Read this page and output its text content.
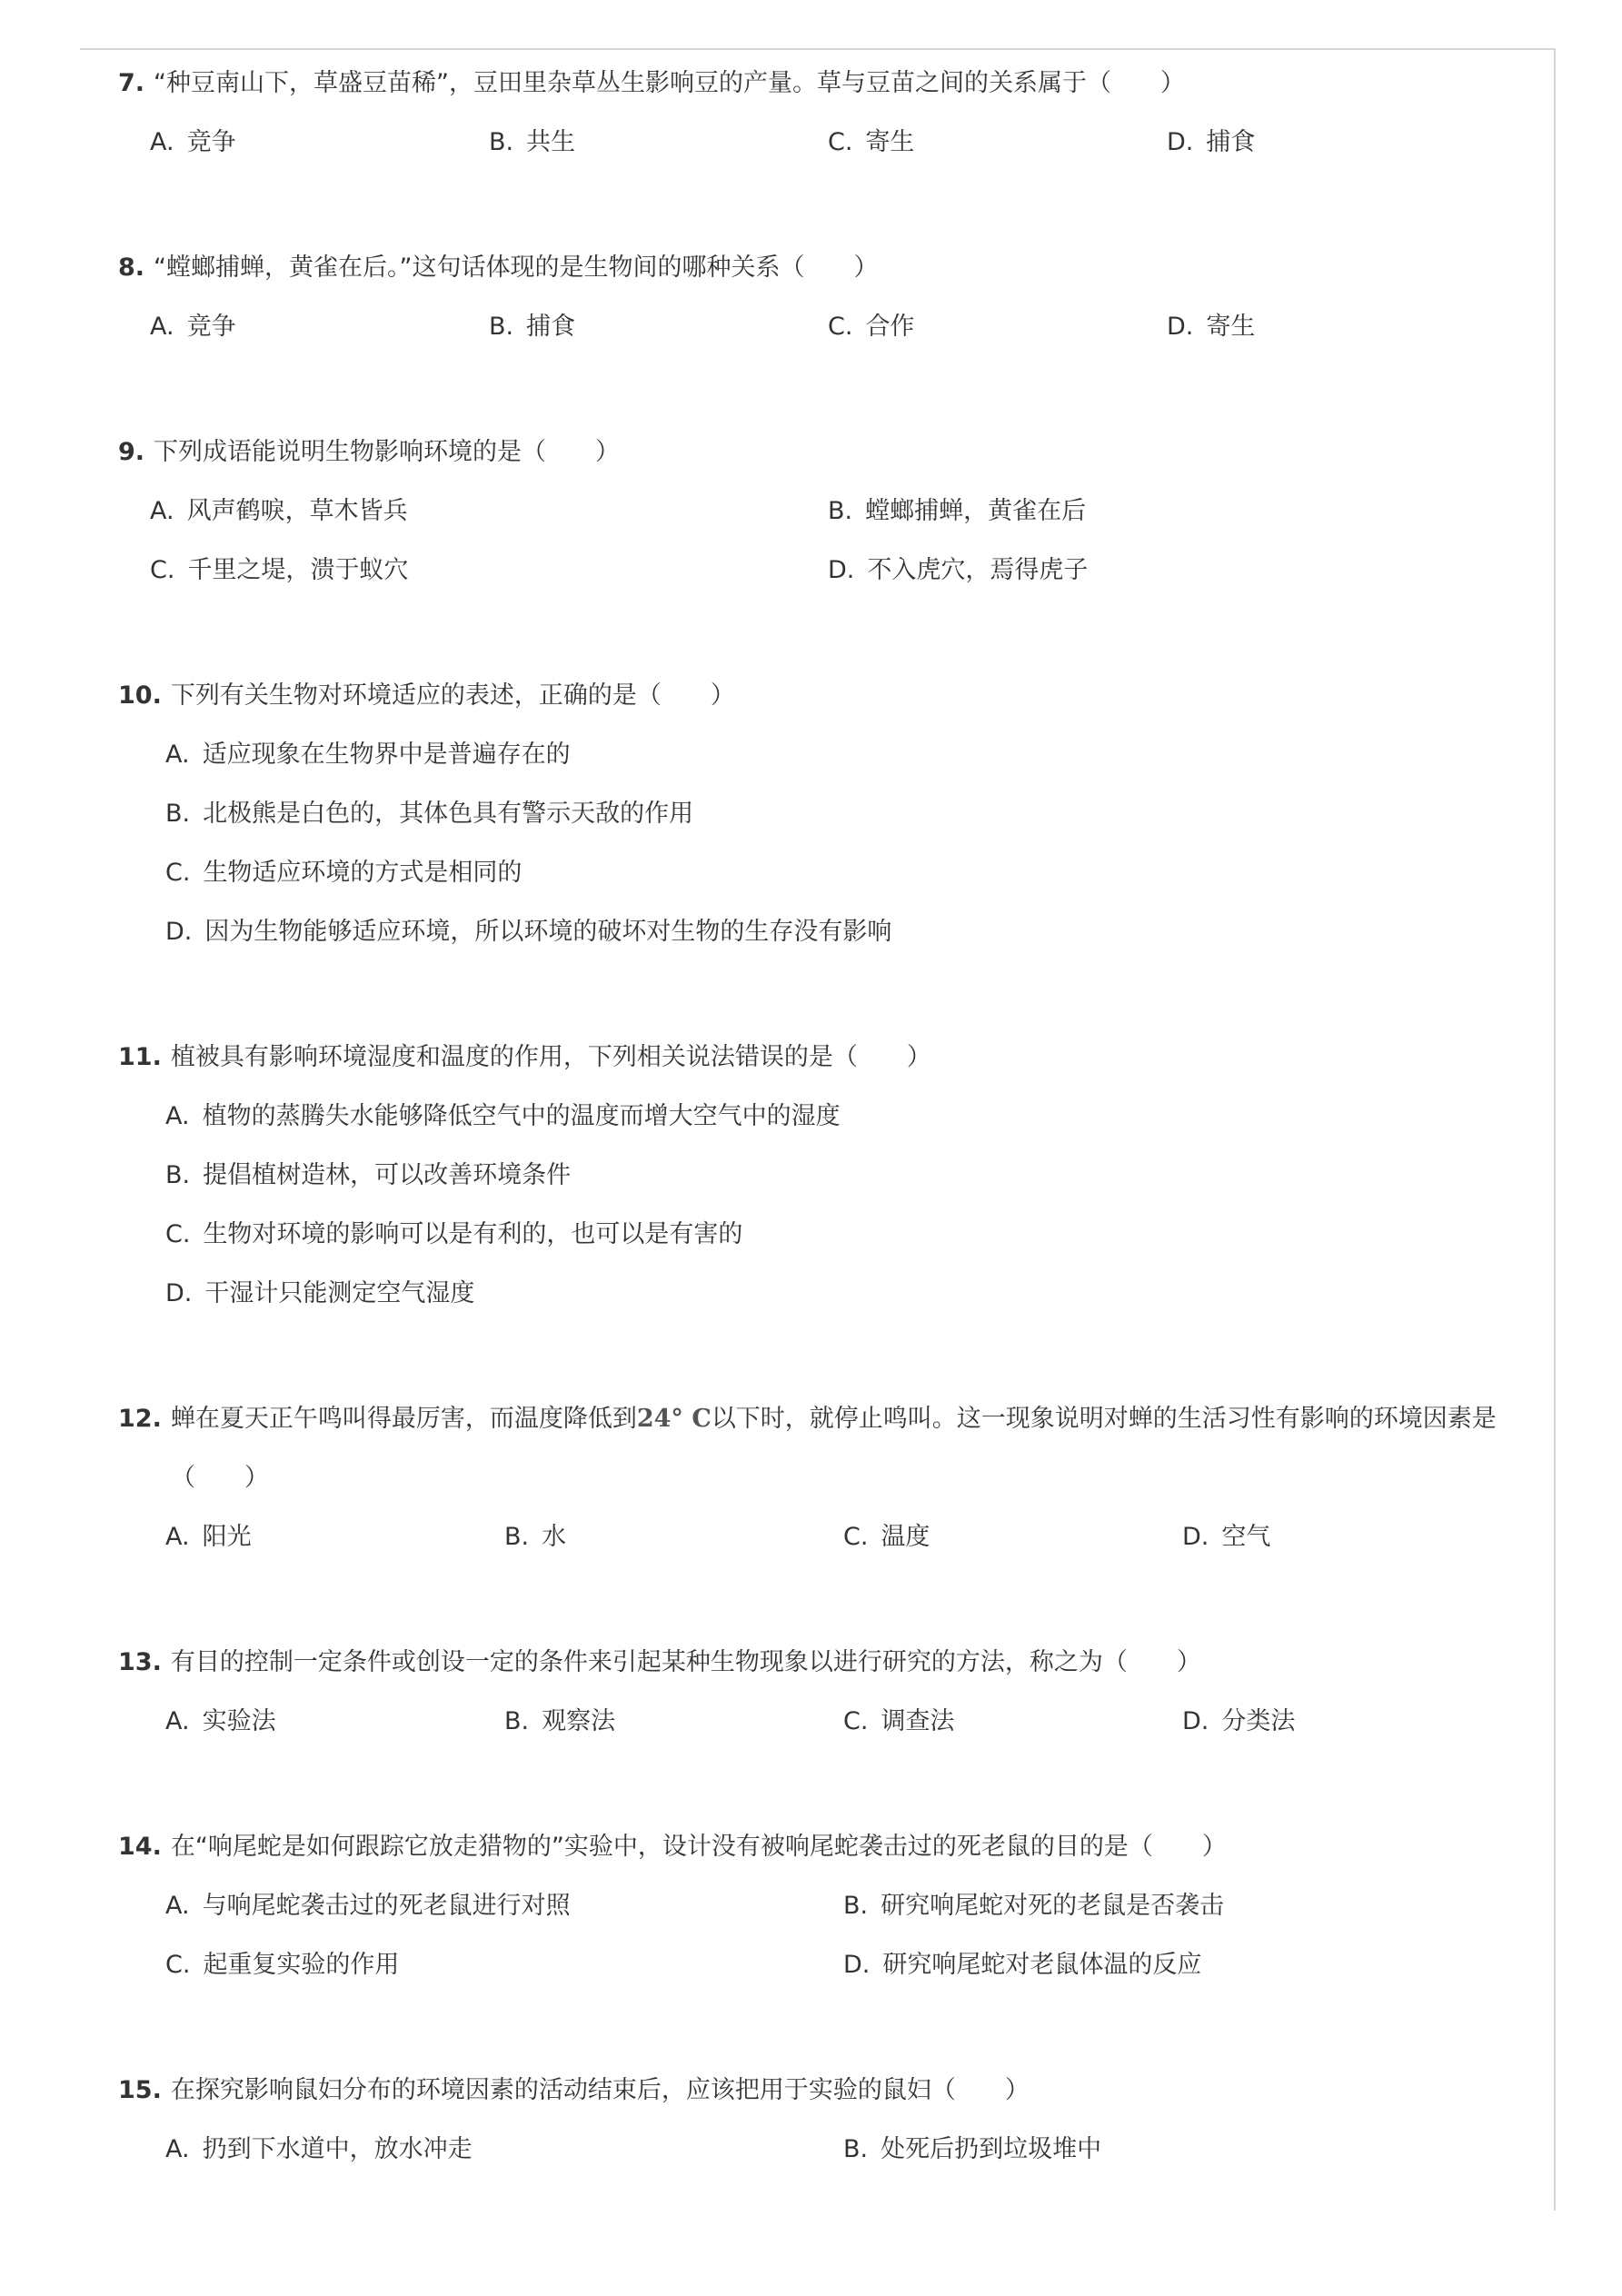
7. “种豆南山下，草盛豆苗稀”，豆田里杂草丛生影响豆的产量。草与豆苗之间的关系属于（　　）
A. 竞争	B. 共生	C. 寄生	D. 捕食
8. “螳螂捕蝉，黄雀在后。”这句话体现的是生物间的哪种关系（　　）
A. 竞争	B. 捕食	C. 合作	D. 寄生
9. 下列成语能说明生物影响环境的是（　　）
A. 风声鹤唳，草木皆兵	B. 螳螂捕蝉，黄雀在后
C. 千里之堤，溃于蚁穴	D. 不入虎穴，焉得虎子
10. 下列有关生物对环境适应的表述，正确的是（　　）
A. 适应现象在生物界中是普遍存在的
B. 北极熊是白色的，其体色具有警示天敌的作用
C. 生物适应环境的方式是相同的
D. 因为生物能够适应环境，所以环境的破坏对生物的生存没有影响
11. 植被具有影响环境湿度和温度的作用，下列相关说法错误的是（　　）
A. 植物的蒸腾失水能够降低空气中的温度而增大空气中的湿度
B. 提倡植树造林，可以改善环境条件
C. 生物对环境的影响可以是有利的，也可以是有害的
D. 干湿计只能测定空气湿度
12. 蝉在夏天正午鸣叫得最厉害，而温度降低到24° C以下时，就停止鸣叫。这一现象说明对蝉的生活习性有影响的环境因素是
（　　）
A. 阳光	B. 水	C. 温度	D. 空气
13. 有目的控制一定条件或创设一定的条件来引起某种生物现象以进行研究的方法，称之为（　　）
A. 实验法	B. 观察法	C. 调查法	D. 分类法
14. 在“响尾蛇是如何跟踪它放走猎物的”实验中，设计没有被响尾蛇袭击过的死老鼠的目的是（　　）
A. 与响尾蛇袭击过的死老鼠进行对照	B. 研究响尾蛇对死的老鼠是否袭击
C. 起重复实验的作用	D. 研究响尾蛇对老鼠体温的反应
15. 在探究影响鼠妇分布的环境因素的活动结束后，应该把用于实验的鼠妇（　　）
A. 扔到下水道中，放水冲走	B. 处死后扔到垃圾堆中
